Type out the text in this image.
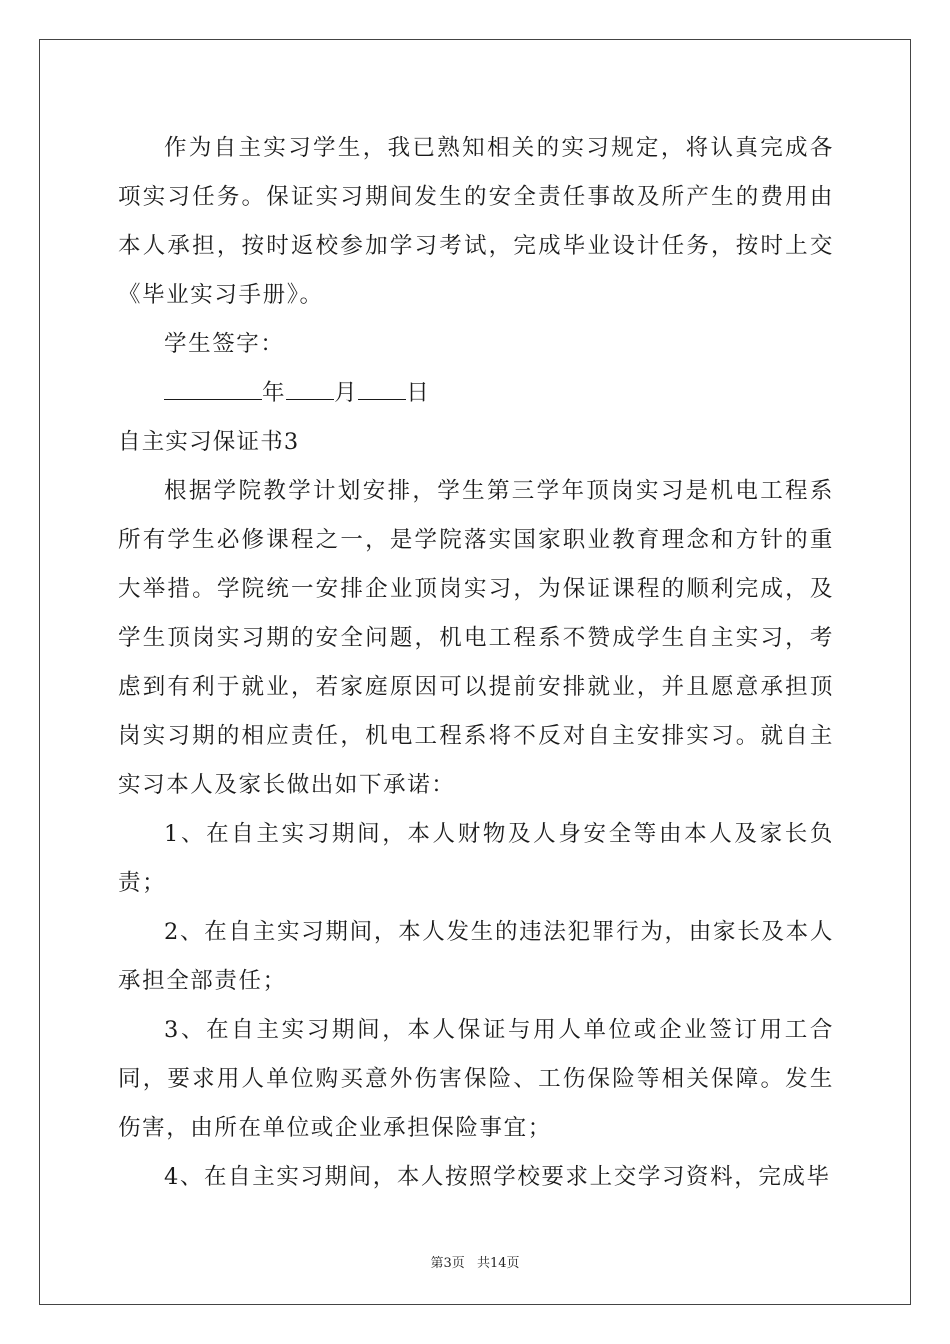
作为自主实习学生，我已熟知相关的实习规定，将认真完成各项实习任务。保证实习期间发生的安全责任事故及所产生的费用由本人承担，按时返校参加学习考试，完成毕业设计任务，按时上交《毕业实习手册》。

学生签字：

年 月 日

自主实习保证书3

根据学院教学计划安排，学生第三学年顶岗实习是机电工程系所有学生必修课程之一，是学院落实国家职业教育理念和方针的重大举措。学院统一安排企业顶岗实习，为保证课程的顺利完成，及学生顶岗实习期的安全问题，机电工程系不赞成学生自主实习，考虑到有利于就业，若家庭原因可以提前安排就业，并且愿意承担顶岗实习期的相应责任，机电工程系将不反对自主安排实习。就自主实习本人及家长做出如下承诺：

1、在自主实习期间，本人财物及人身安全等由本人及家长负责；

2、在自主实习期间，本人发生的违法犯罪行为，由家长及本人承担全部责任；

3、在自主实习期间，本人保证与用人单位或企业签订用工合同，要求用人单位购买意外伤害保险、工伤保险等相关保障。发生伤害，由所在单位或企业承担保险事宜；

4、在自主实习期间，本人按照学校要求上交学习资料，完成毕

第3页 共14页
